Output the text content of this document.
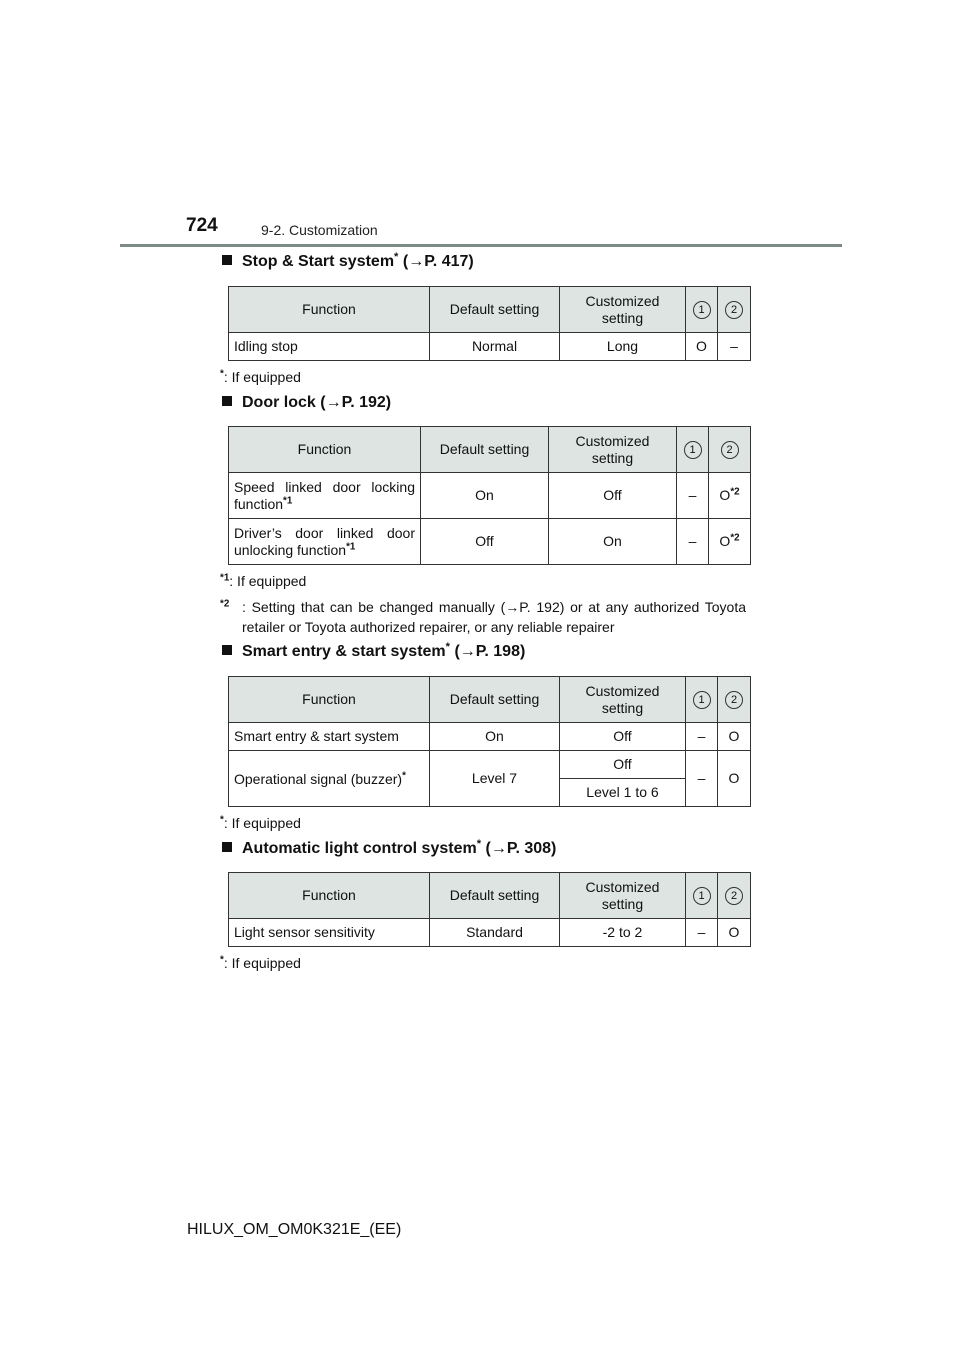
724	9-2. Customization
Stop & Start system* (→P. 417)
Function	Default setting	Customized setting	1	2
Idling stop	Normal	Long	O	–
*: If equipped
Door lock (→P. 192)
Function	Default setting	Customized setting	1	2
Speed linked door locking function$^{*1}$	On	Off	–	$O^{*2}$
Driver’s door linked door unlocking function$^{*1}$	Off	On	–	$O^{*2}$
$^{*1}$: If equipped
$^{*2}$ : Setting that can be changed manually (→P. 192) or at any authorized Toyota retailer or Toyota authorized repairer, or any reliable repairer
Smart entry & start system* (→P. 198)
Function	Default setting	Customized setting	1	2
Smart entry & start system	On	Off	–	O
Operational signal (buzzer)*	Level 7	Off	–	O
		Level 1 to 6		
*: If equipped
Automatic light control system* (→P. 308)
Function	Default setting	Customized setting	1	2
Light sensor sensitivity	Standard	-2 to 2	–	O
*: If equipped
HILUX_OM_OM0K321E_(EE)
